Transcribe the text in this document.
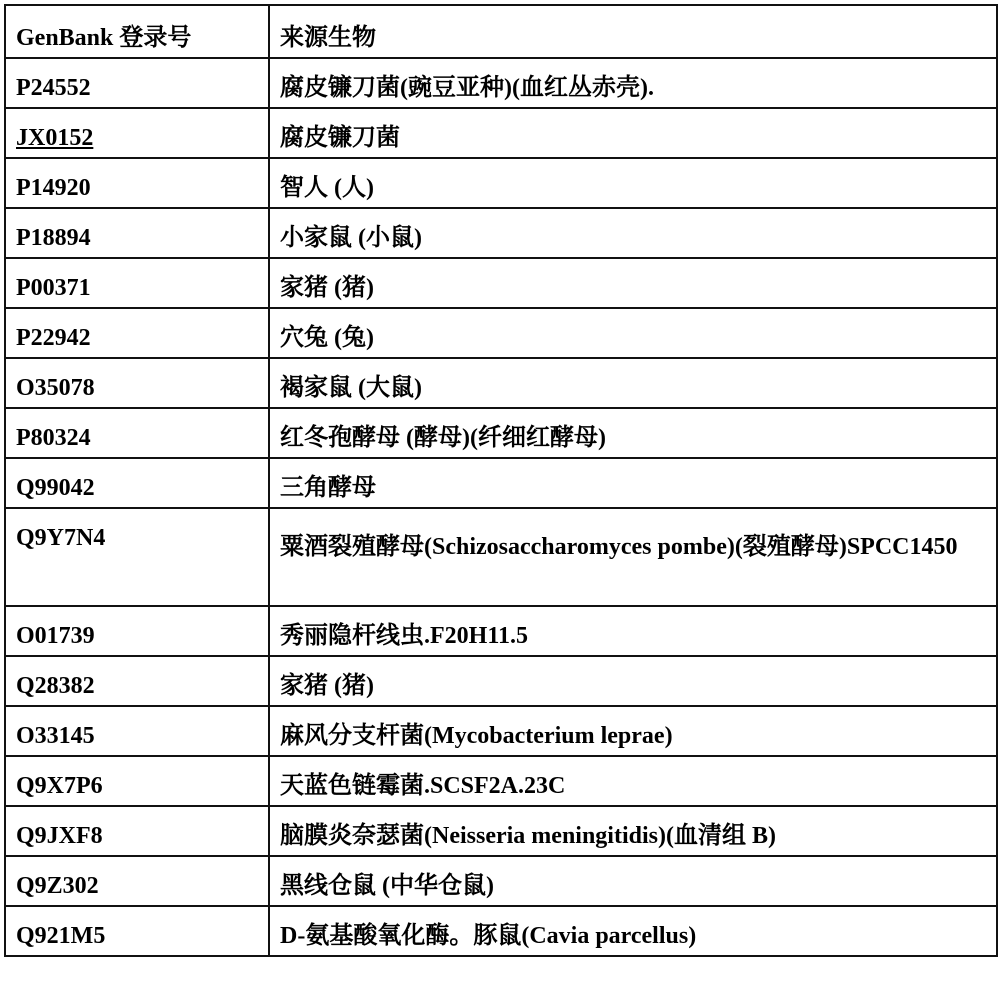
GenBank 登录号	来源生物
P24552	腐皮镰刀菌(豌豆亚种)(血红丛赤壳).
JX0152	腐皮镰刀菌
P14920	智人 (人)
P18894	小家鼠 (小鼠)
P00371	家猪 (猪)
P22942	穴兔 (兔)
O35078	褐家鼠 (大鼠)
P80324	红冬孢酵母 (酵母)(纤细红酵母)
Q99042	三角酵母
Q9Y7N4	粟酒裂殖酵母(Schizosaccharomyces pombe)(裂殖酵母)SPCC1450
O01739	秀丽隐杆线虫.F20H11.5
Q28382	家猪 (猪)
O33145	麻风分支杆菌(Mycobacterium leprae)
Q9X7P6	天蓝色链霉菌.SCSF2A.23C
Q9JXF8	脑膜炎奈瑟菌(Neisseria meningitidis)(血清组 B)
Q9Z302	黑线仓鼠 (中华仓鼠)
Q921M5	D-氨基酸氧化酶。豚鼠(Cavia parcellus)
